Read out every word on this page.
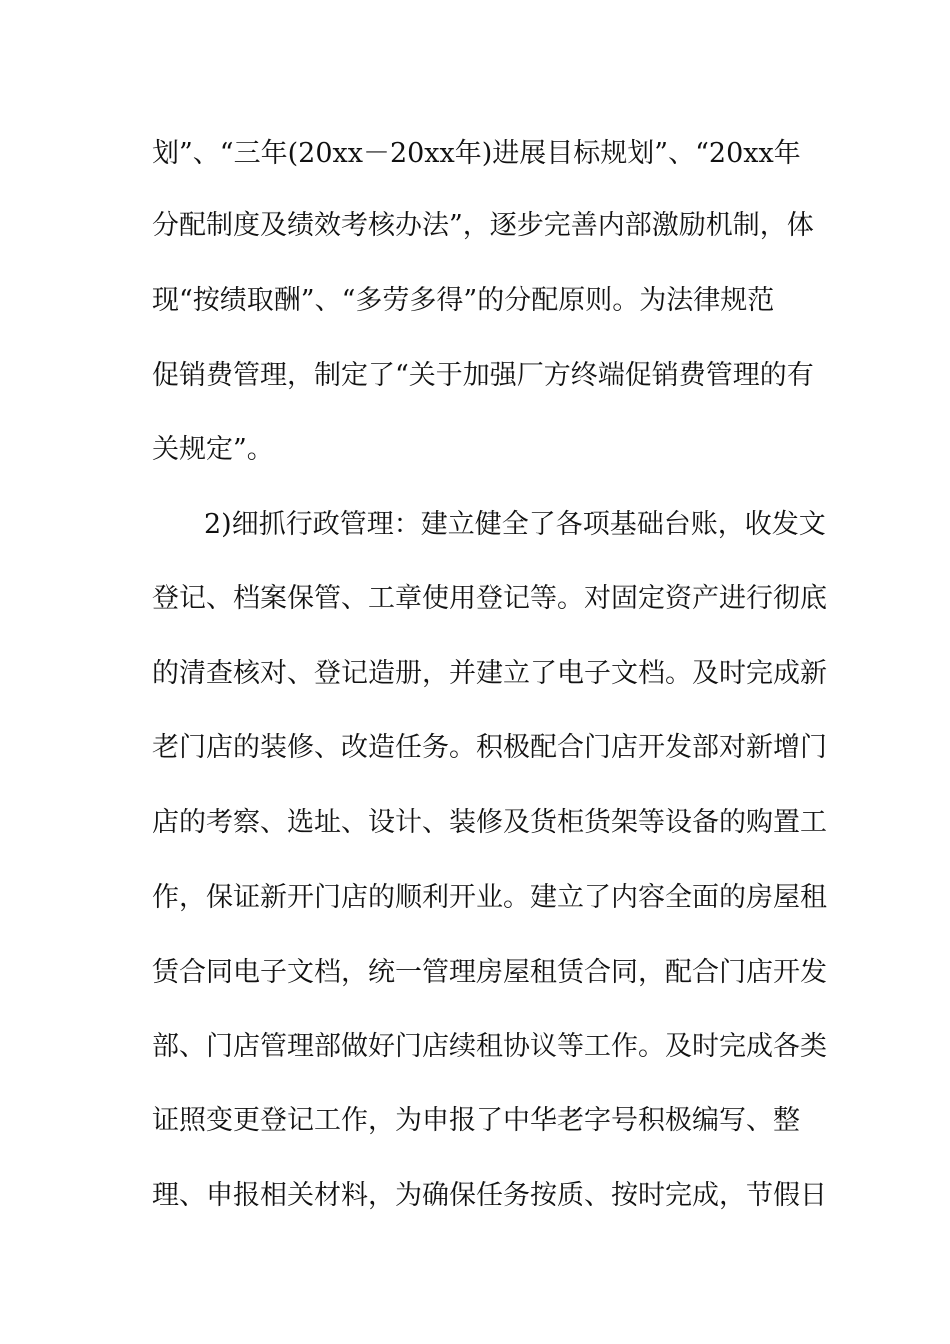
划”、“三年(20xx－20xx年)进展目标规划”、“20xx年
分配制度及绩效考核办法”，逐步完善内部激励机制，体
现“按绩取酬”、“多劳多得”的分配原则。为法律规范
促销费管理，制定了“关于加强厂方终端促销费管理的有
关规定”。
2)细抓行政管理：建立健全了各项基础台账，收发文
登记、档案保管、工章使用登记等。对固定资产进行彻底
的清查核对、登记造册，并建立了电子文档。及时完成新
老门店的装修、改造任务。积极配合门店开发部对新增门
店的考察、选址、设计、装修及货柜货架等设备的购置工
作，保证新开门店的顺利开业。建立了内容全面的房屋租
赁合同电子文档，统一管理房屋租赁合同，配合门店开发
部、门店管理部做好门店续租协议等工作。及时完成各类
证照变更登记工作，为申报了中华老字号积极编写、整
理、申报相关材料，为确保任务按质、按时完成，节假日
